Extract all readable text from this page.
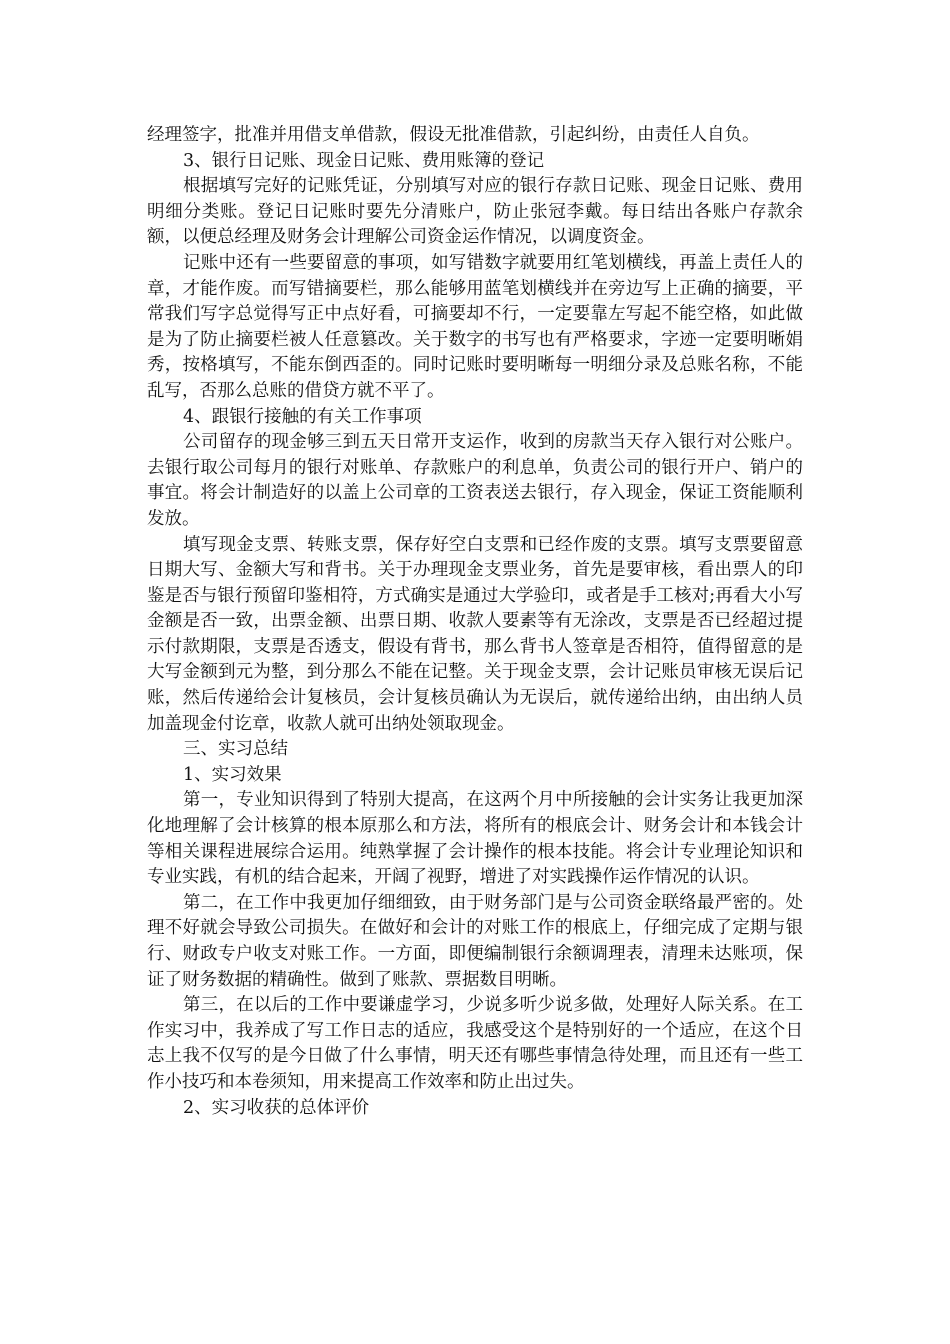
经理签字，批准并用借支单借款，假设无批准借款，引起纠纷，由责任人自负。

3、银行日记账、现金日记账、费用账簿的登记

根据填写完好的记账凭证，分别填写对应的银行存款日记账、现金日记账、费用明细分类账。登记日记账时要先分清账户，防止张冠李戴。每日结出各账户存款余额，以便总经理及财务会计理解公司资金运作情况，以调度资金。

记账中还有一些要留意的事项，如写错数字就要用红笔划横线，再盖上责任人的章，才能作废。而写错摘要栏，那么能够用蓝笔划横线并在旁边写上正确的摘要，平常我们写字总觉得写正中点好看，可摘要却不行，一定要靠左写起不能空格，如此做是为了防止摘要栏被人任意篡改。关于数字的书写也有严格要求，字迹一定要明晰娟秀，按格填写，不能东倒西歪的。同时记账时要明晰每一明细分录及总账名称，不能乱写，否那么总账的借贷方就不平了。

4、跟银行接触的有关工作事项

公司留存的现金够三到五天日常开支运作，收到的房款当天存入银行对公账户。去银行取公司每月的银行对账单、存款账户的利息单，负责公司的银行开户、销户的事宜。将会计制造好的以盖上公司章的工资表送去银行，存入现金，保证工资能顺利发放。

填写现金支票、转账支票，保存好空白支票和已经作废的支票。填写支票要留意日期大写、金额大写和背书。关于办理现金支票业务，首先是要审核，看出票人的印鉴是否与银行预留印鉴相符，方式确实是通过大学验印，或者是手工核对;再看大小写金额是否一致，出票金额、出票日期、收款人要素等有无涂改，支票是否已经超过提示付款期限，支票是否透支，假设有背书，那么背书人签章是否相符，值得留意的是大写金额到元为整，到分那么不能在记整。关于现金支票，会计记账员审核无误后记账，然后传递给会计复核员，会计复核员确认为无误后，就传递给出纳，由出纳人员加盖现金付讫章，收款人就可出纳处领取现金。

三、实习总结

1、实习效果

第一，专业知识得到了特别大提高，在这两个月中所接触的会计实务让我更加深化地理解了会计核算的根本原那么和方法，将所有的根底会计、财务会计和本钱会计等相关课程进展综合运用。纯熟掌握了会计操作的根本技能。将会计专业理论知识和专业实践，有机的结合起来，开阔了视野，增进了对实践操作运作情况的认识。

第二，在工作中我更加仔细细致，由于财务部门是与公司资金联络最严密的。处理不好就会导致公司损失。在做好和会计的对账工作的根底上，仔细完成了定期与银行、财政专户收支对账工作。一方面，即便编制银行余额调理表，清理未达账项，保证了财务数据的精确性。做到了账款、票据数目明晰。

第三，在以后的工作中要谦虚学习，少说多听少说多做，处理好人际关系。在工作实习中，我养成了写工作日志的适应，我感受这个是特别好的一个适应，在这个日志上我不仅写的是今日做了什么事情，明天还有哪些事情急待处理，而且还有一些工作小技巧和本卷须知，用来提高工作效率和防止出过失。

2、实习收获的总体评价
